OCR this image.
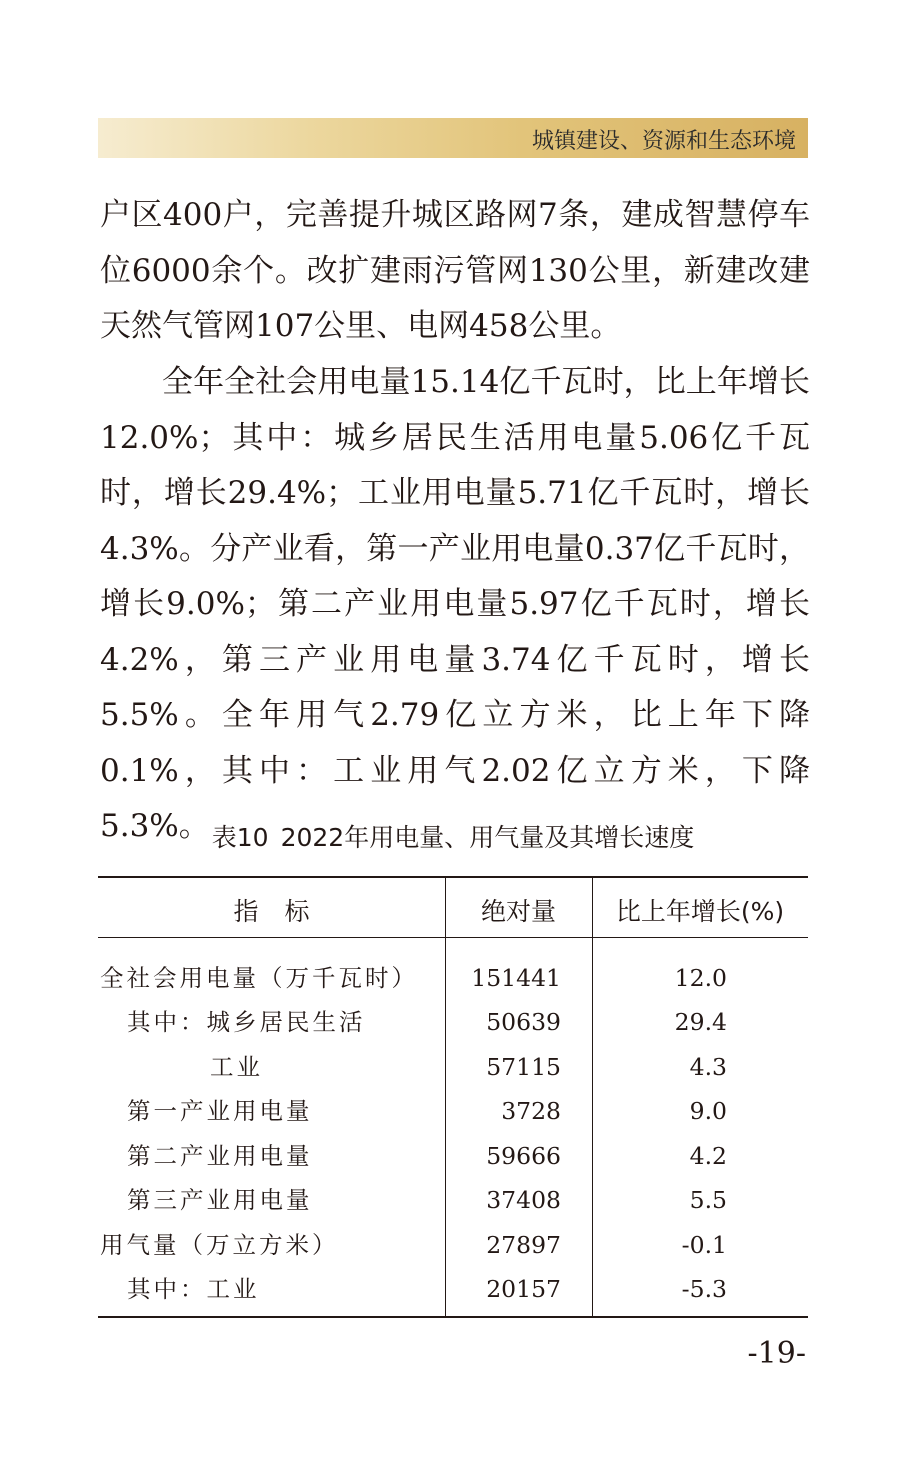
城镇建设、资源和生态环境

户区400户，完善提升城区路网7条，建成智慧停车位6000余个。改扩建雨污管网130公里，新建改建天然气管网107公里、电网458公里。

全年全社会用电量15.14亿千瓦时，比上年增长12.0%；其中：城乡居民生活用电量5.06亿千瓦时，增长29.4%；工业用电量5.71亿千瓦时，增长4.3%。分产业看，第一产业用电量0.37亿千瓦时，增长9.0%；第二产业用电量5.97亿千瓦时，增长4.2%，第三产业用电量3.74亿千瓦时，增长5.5%。全年用气2.79亿立方米，比上年下降0.1%，其中：工业用气2.02亿立方米，下降5.3%。 表10 2022年用电量、用气量及其增长速度
指标	绝对量	比上年增长(%)
全社会用电量（万千瓦时）	151441	12.0
其中：城乡居民生活	50639	29.4
工业	57115	4.3
第一产业用电量	3728	9.0
第二产业用电量	59666	4.2
第三产业用电量	37408	5.5
用气量（万立方米）	27897	-0.1
其中：工业	20157	-5.3
-19-
